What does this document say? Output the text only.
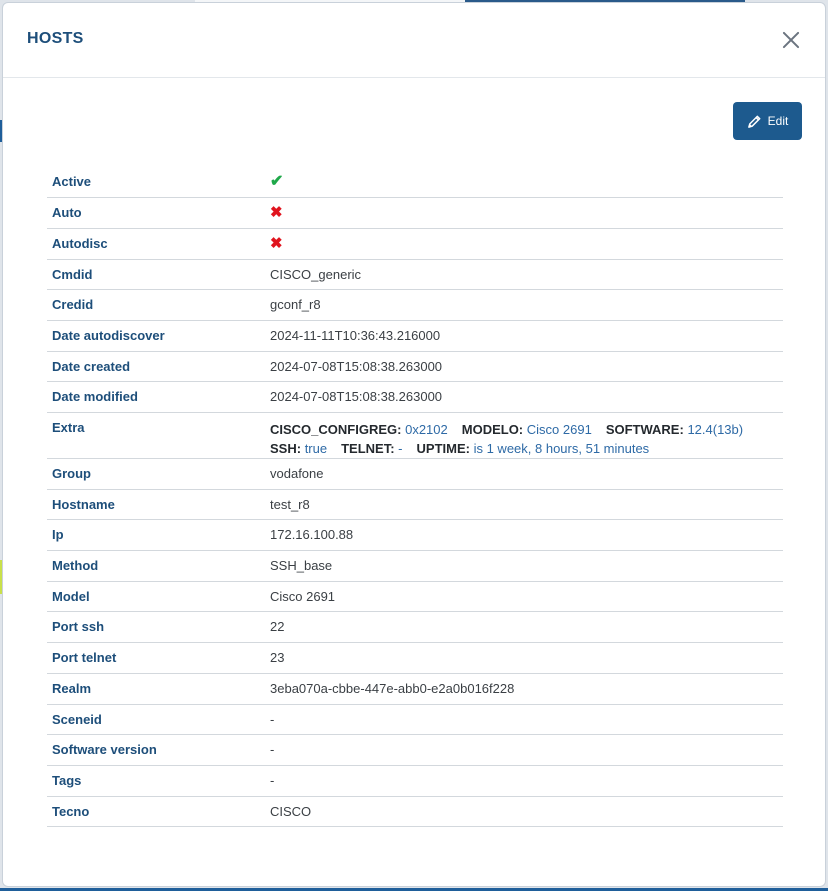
HOSTS
Edit
Active	✔
Auto	✖
Autodisc	✖
Cmdid	CISCO_generic
Credid	gconf_r8
Date autodiscover	2024-11-11T10:36:43.216000
Date created	2024-07-08T15:08:38.263000
Date modified	2024-07-08T15:08:38.263000
Extra	CISCO_CONFIGREG: 0x2102 MODELO: Cisco 2691 SOFTWARE: 12.4(13b)
SSH: true TELNET: - UPTIME: is 1 week, 8 hours, 51 minutes

Group	vodafone
Hostname	test_r8
Ip	172.16.100.88
Method	SSH_base
Model	Cisco 2691
Port ssh	22
Port telnet	23
Realm	3eba070a-cbbe-447e-abb0-e2a0b016f228
Sceneid	-
Software version	-
Tags	-
Tecno	CISCO
